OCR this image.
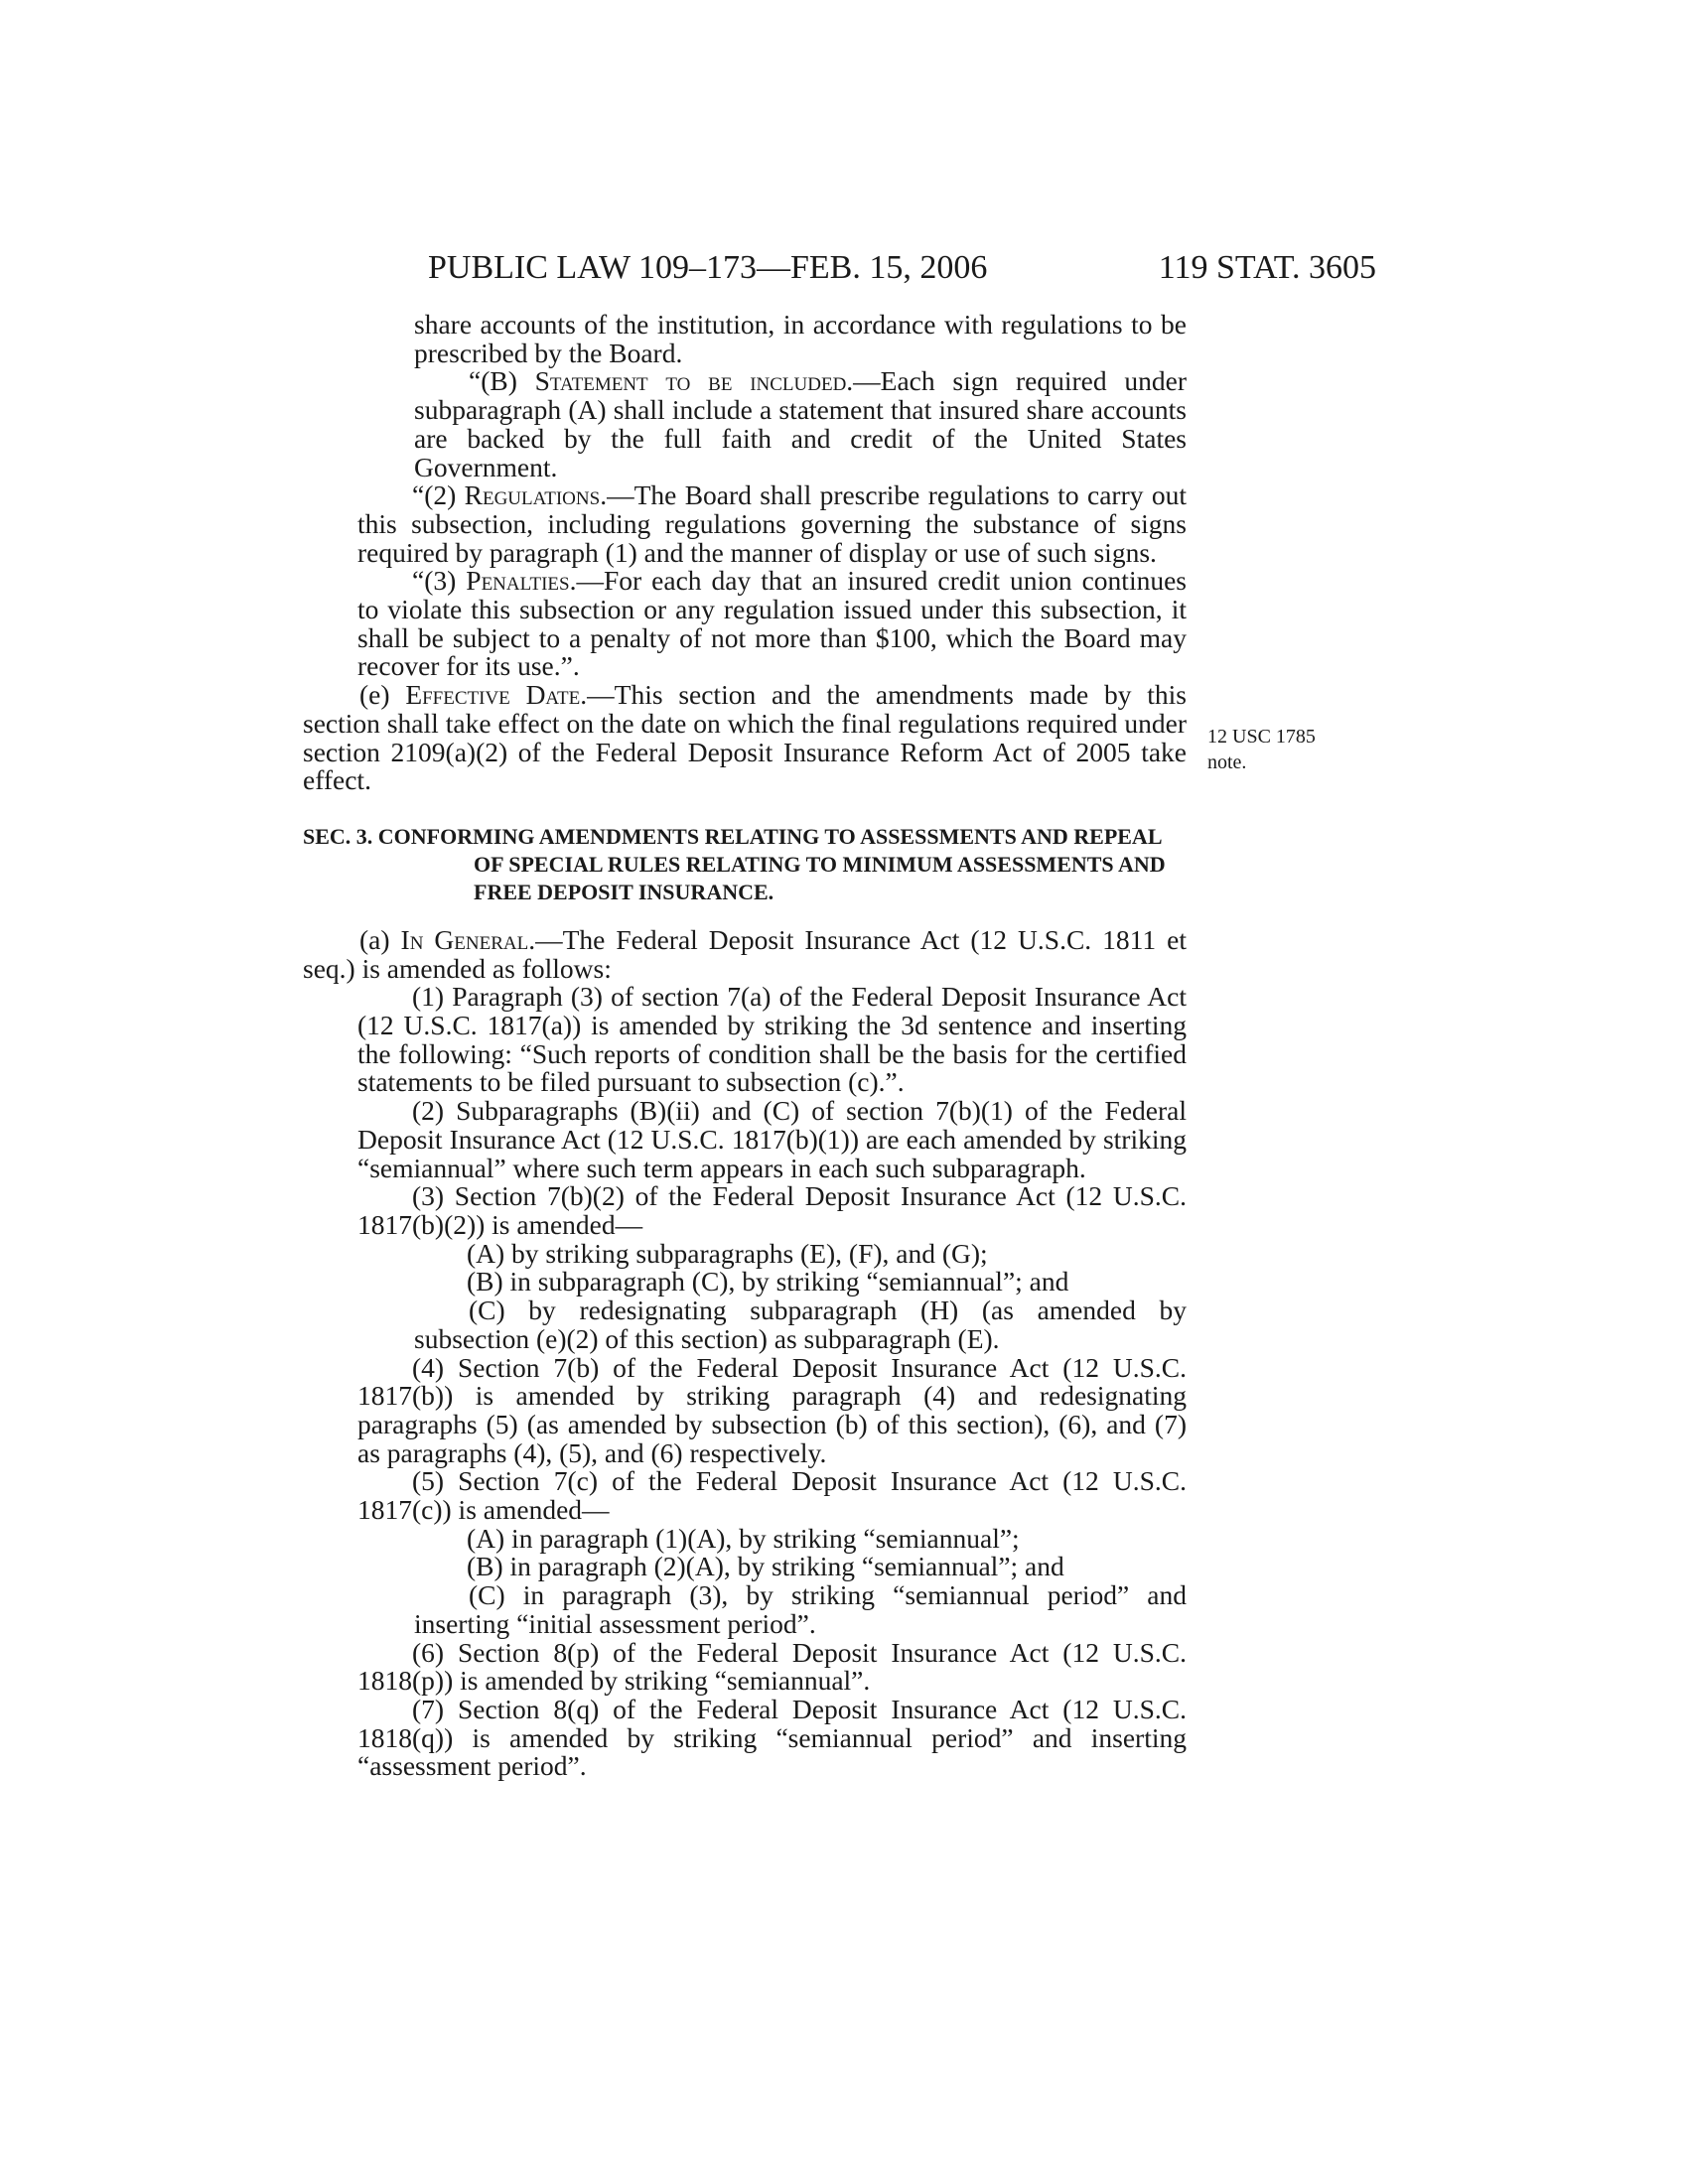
PUBLIC LAW 109–173—FEB. 15, 2006	119 STAT. 3605
12 USC 1785
note.

share accounts of the institution, in accordance with regulations to be prescribed by the Board.

“(B) Statement to be included.—Each sign required under subparagraph (A) shall include a statement that insured share accounts are backed by the full faith and credit of the United States Government.

“(2) Regulations.—The Board shall prescribe regulations to carry out this subsection, including regulations governing the substance of signs required by paragraph (1) and the manner of display or use of such signs.

“(3) Penalties.—For each day that an insured credit union continues to violate this subsection or any regulation issued under this subsection, it shall be subject to a penalty of not more than $100, which the Board may recover for its use.”.

(e) Effective Date.—This section and the amendments made by this section shall take effect on the date on which the final regulations required under section 2109(a)(2) of the Federal Deposit Insurance Reform Act of 2005 take effect.

SEC. 3. CONFORMING AMENDMENTS RELATING TO ASSESSMENTS AND REPEAL OF SPECIAL RULES RELATING TO MINIMUM ASSESSMENTS AND FREE DEPOSIT INSURANCE.

(a) In General.—The Federal Deposit Insurance Act (12 U.S.C. 1811 et seq.) is amended as follows:

(1) Paragraph (3) of section 7(a) of the Federal Deposit Insurance Act (12 U.S.C. 1817(a)) is amended by striking the 3d sentence and inserting the following: “Such reports of condition shall be the basis for the certified statements to be filed pursuant to subsection (c).”.

(2) Subparagraphs (B)(ii) and (C) of section 7(b)(1) of the Federal Deposit Insurance Act (12 U.S.C. 1817(b)(1)) are each amended by striking “semiannual” where such term appears in each such subparagraph.

(3) Section 7(b)(2) of the Federal Deposit Insurance Act (12 U.S.C. 1817(b)(2)) is amended—

(A) by striking subparagraphs (E), (F), and (G);

(B) in subparagraph (C), by striking “semiannual”; and

(C) by redesignating subparagraph (H) (as amended by subsection (e)(2) of this section) as subparagraph (E).

(4) Section 7(b) of the Federal Deposit Insurance Act (12 U.S.C. 1817(b)) is amended by striking paragraph (4) and redesignating paragraphs (5) (as amended by subsection (b) of this section), (6), and (7) as paragraphs (4), (5), and (6) respectively.

(5) Section 7(c) of the Federal Deposit Insurance Act (12 U.S.C. 1817(c)) is amended—

(A) in paragraph (1)(A), by striking “semiannual”;

(B) in paragraph (2)(A), by striking “semiannual”; and

(C) in paragraph (3), by striking “semiannual period” and inserting “initial assessment period”.

(6) Section 8(p) of the Federal Deposit Insurance Act (12 U.S.C. 1818(p)) is amended by striking “semiannual”.

(7) Section 8(q) of the Federal Deposit Insurance Act (12 U.S.C. 1818(q)) is amended by striking “semiannual period” and inserting “assessment period”.
